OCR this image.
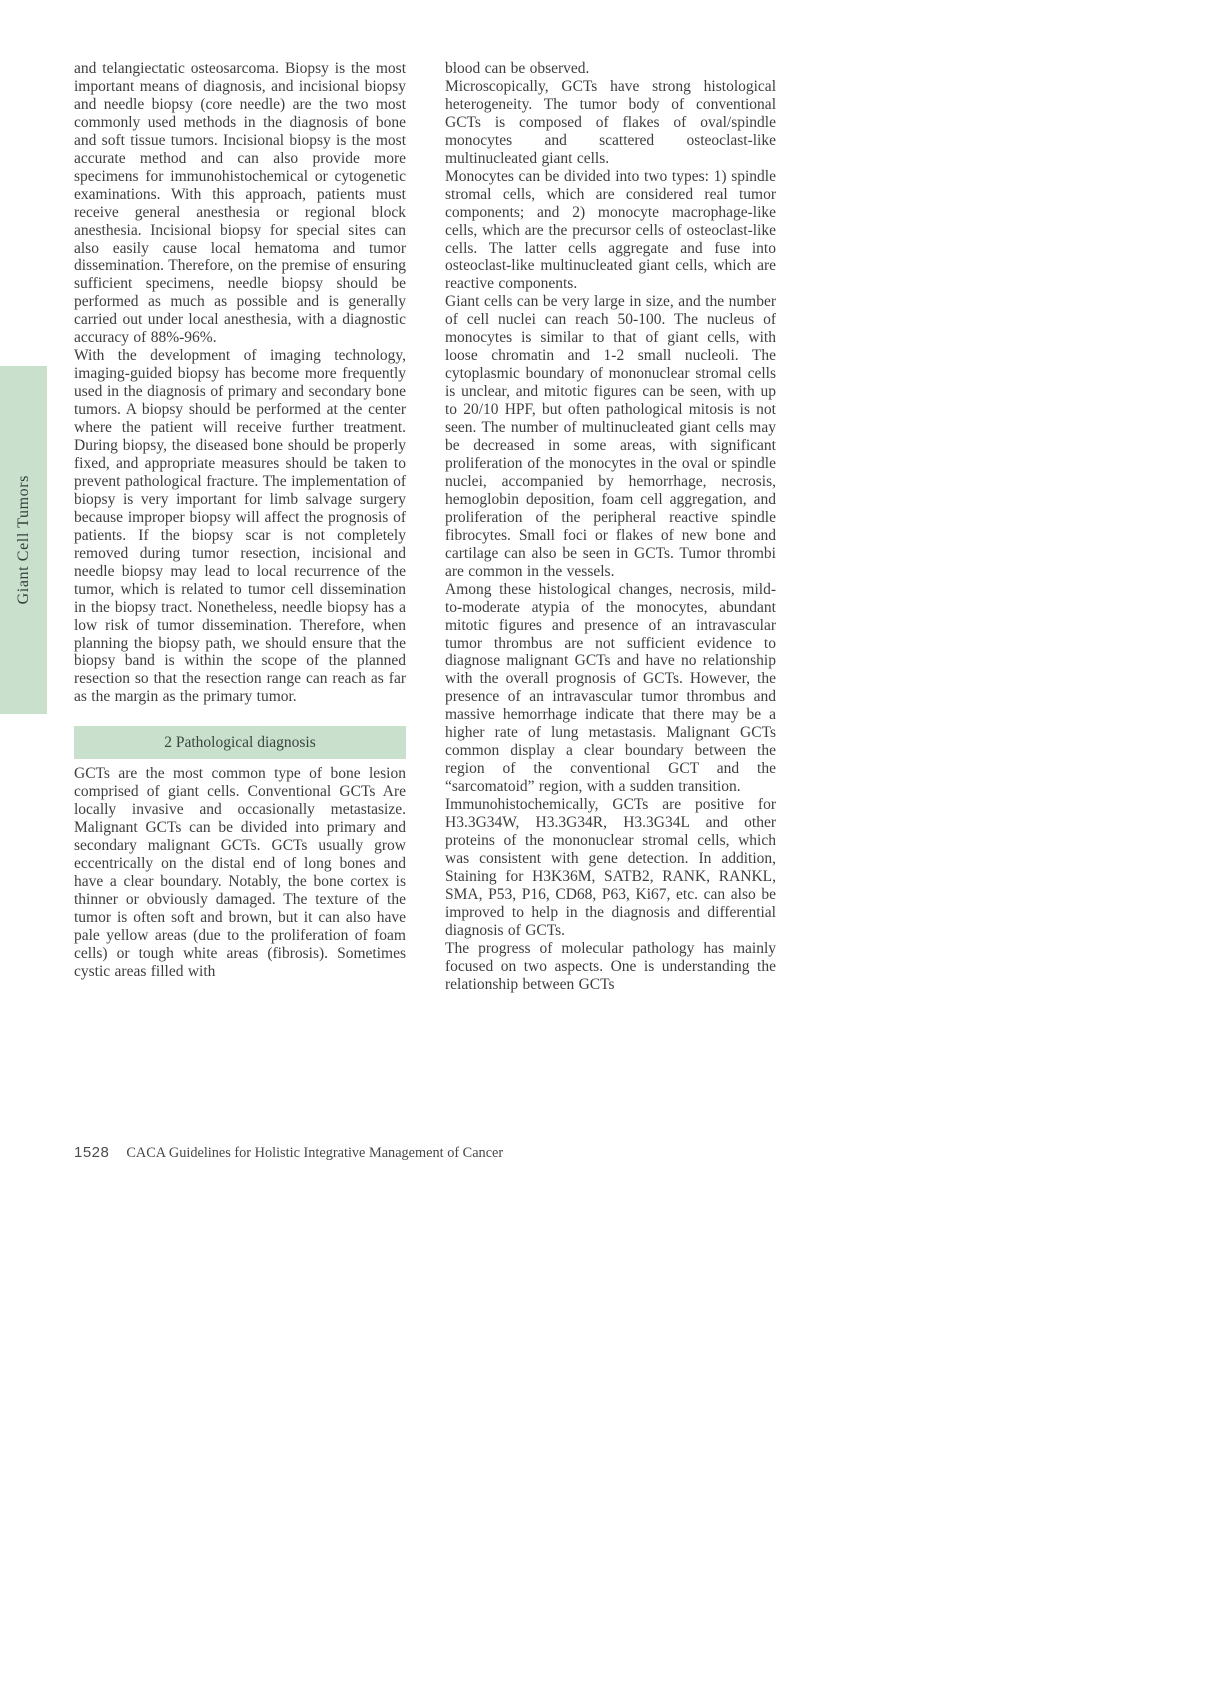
Giant Cell Tumors

and telangiectatic osteosarcoma. Biopsy is the most important means of diagnosis, and incisional biopsy and needle biopsy (core needle) are the two most commonly used methods in the diagnosis of bone and soft tissue tumors. Incisional biopsy is the most accurate method and can also provide more specimens for immunohistochemical or cytogenetic examinations. With this approach, patients must receive general anesthesia or regional block anesthesia. Incisional biopsy for special sites can also easily cause local hematoma and tumor dissemination. Therefore, on the premise of ensuring sufficient specimens, needle biopsy should be performed as much as possible and is generally carried out under local anesthesia, with a diagnostic accuracy of 88%-96%.

With the development of imaging technology, imaging-guided biopsy has become more frequently used in the diagnosis of primary and secondary bone tumors. A biopsy should be performed at the center where the patient will receive further treatment. During biopsy, the diseased bone should be properly fixed, and appropriate measures should be taken to prevent pathological fracture. The implementation of biopsy is very important for limb salvage surgery because improper biopsy will affect the prognosis of patients. If the biopsy scar is not completely removed during tumor resection, incisional and needle biopsy may lead to local recurrence of the tumor, which is related to tumor cell dissemination in the biopsy tract. Nonetheless, needle biopsy has a low risk of tumor dissemination. Therefore, when planning the biopsy path, we should ensure that the biopsy band is within the scope of the planned resection so that the resection range can reach as far as the margin as the primary tumor.

2 Pathological diagnosis

GCTs are the most common type of bone lesion comprised of giant cells. Conventional GCTs Are locally invasive and occasionally metastasize. Malignant GCTs can be divided into primary and secondary malignant GCTs. GCTs usually grow eccentrically on the distal end of long bones and have a clear boundary. Notably, the bone cortex is thinner or obviously damaged. The texture of the tumor is often soft and brown, but it can also have pale yellow areas (due to the proliferation of foam cells) or tough white areas (fibrosis). Sometimes cystic areas filled with

blood can be observed.

Microscopically, GCTs have strong histological heterogeneity. The tumor body of conventional GCTs is composed of flakes of oval/spindle monocytes and scattered osteoclast-like multinucleated giant cells.

Monocytes can be divided into two types: 1) spindle stromal cells, which are considered real tumor components; and 2) monocyte macrophage-like cells, which are the precursor cells of osteoclast-like cells. The latter cells aggregate and fuse into osteoclast-like multinucleated giant cells, which are reactive components.

Giant cells can be very large in size, and the number of cell nuclei can reach 50-100. The nucleus of monocytes is similar to that of giant cells, with loose chromatin and 1-2 small nucleoli. The cytoplasmic boundary of mononuclear stromal cells is unclear, and mitotic figures can be seen, with up to 20/10 HPF, but often pathological mitosis is not seen. The number of multinucleated giant cells may be decreased in some areas, with significant proliferation of the monocytes in the oval or spindle nuclei, accompanied by hemorrhage, necrosis, hemoglobin deposition, foam cell aggregation, and proliferation of the peripheral reactive spindle fibrocytes. Small foci or flakes of new bone and cartilage can also be seen in GCTs. Tumor thrombi are common in the vessels.

Among these histological changes, necrosis, mild-to-moderate atypia of the monocytes, abundant mitotic figures and presence of an intravascular tumor thrombus are not sufficient evidence to diagnose malignant GCTs and have no relationship with the overall prognosis of GCTs. However, the presence of an intravascular tumor thrombus and massive hemorrhage indicate that there may be a higher rate of lung metastasis. Malignant GCTs common display a clear boundary between the region of the conventional GCT and the “sarcomatoid” region, with a sudden transition.

Immunohistochemically, GCTs are positive for H3.3G34W, H3.3G34R, H3.3G34L and other proteins of the mononuclear stromal cells, which was consistent with gene detection. In addition, Staining for H3K36M, SATB2, RANK, RANKL, SMA, P53, P16, CD68, P63, Ki67, etc. can also be improved to help in the diagnosis and differential diagnosis of GCTs.

The progress of molecular pathology has mainly focused on two aspects. One is understanding the relationship between GCTs

1528 CACA Guidelines for Holistic Integrative Management of Cancer
